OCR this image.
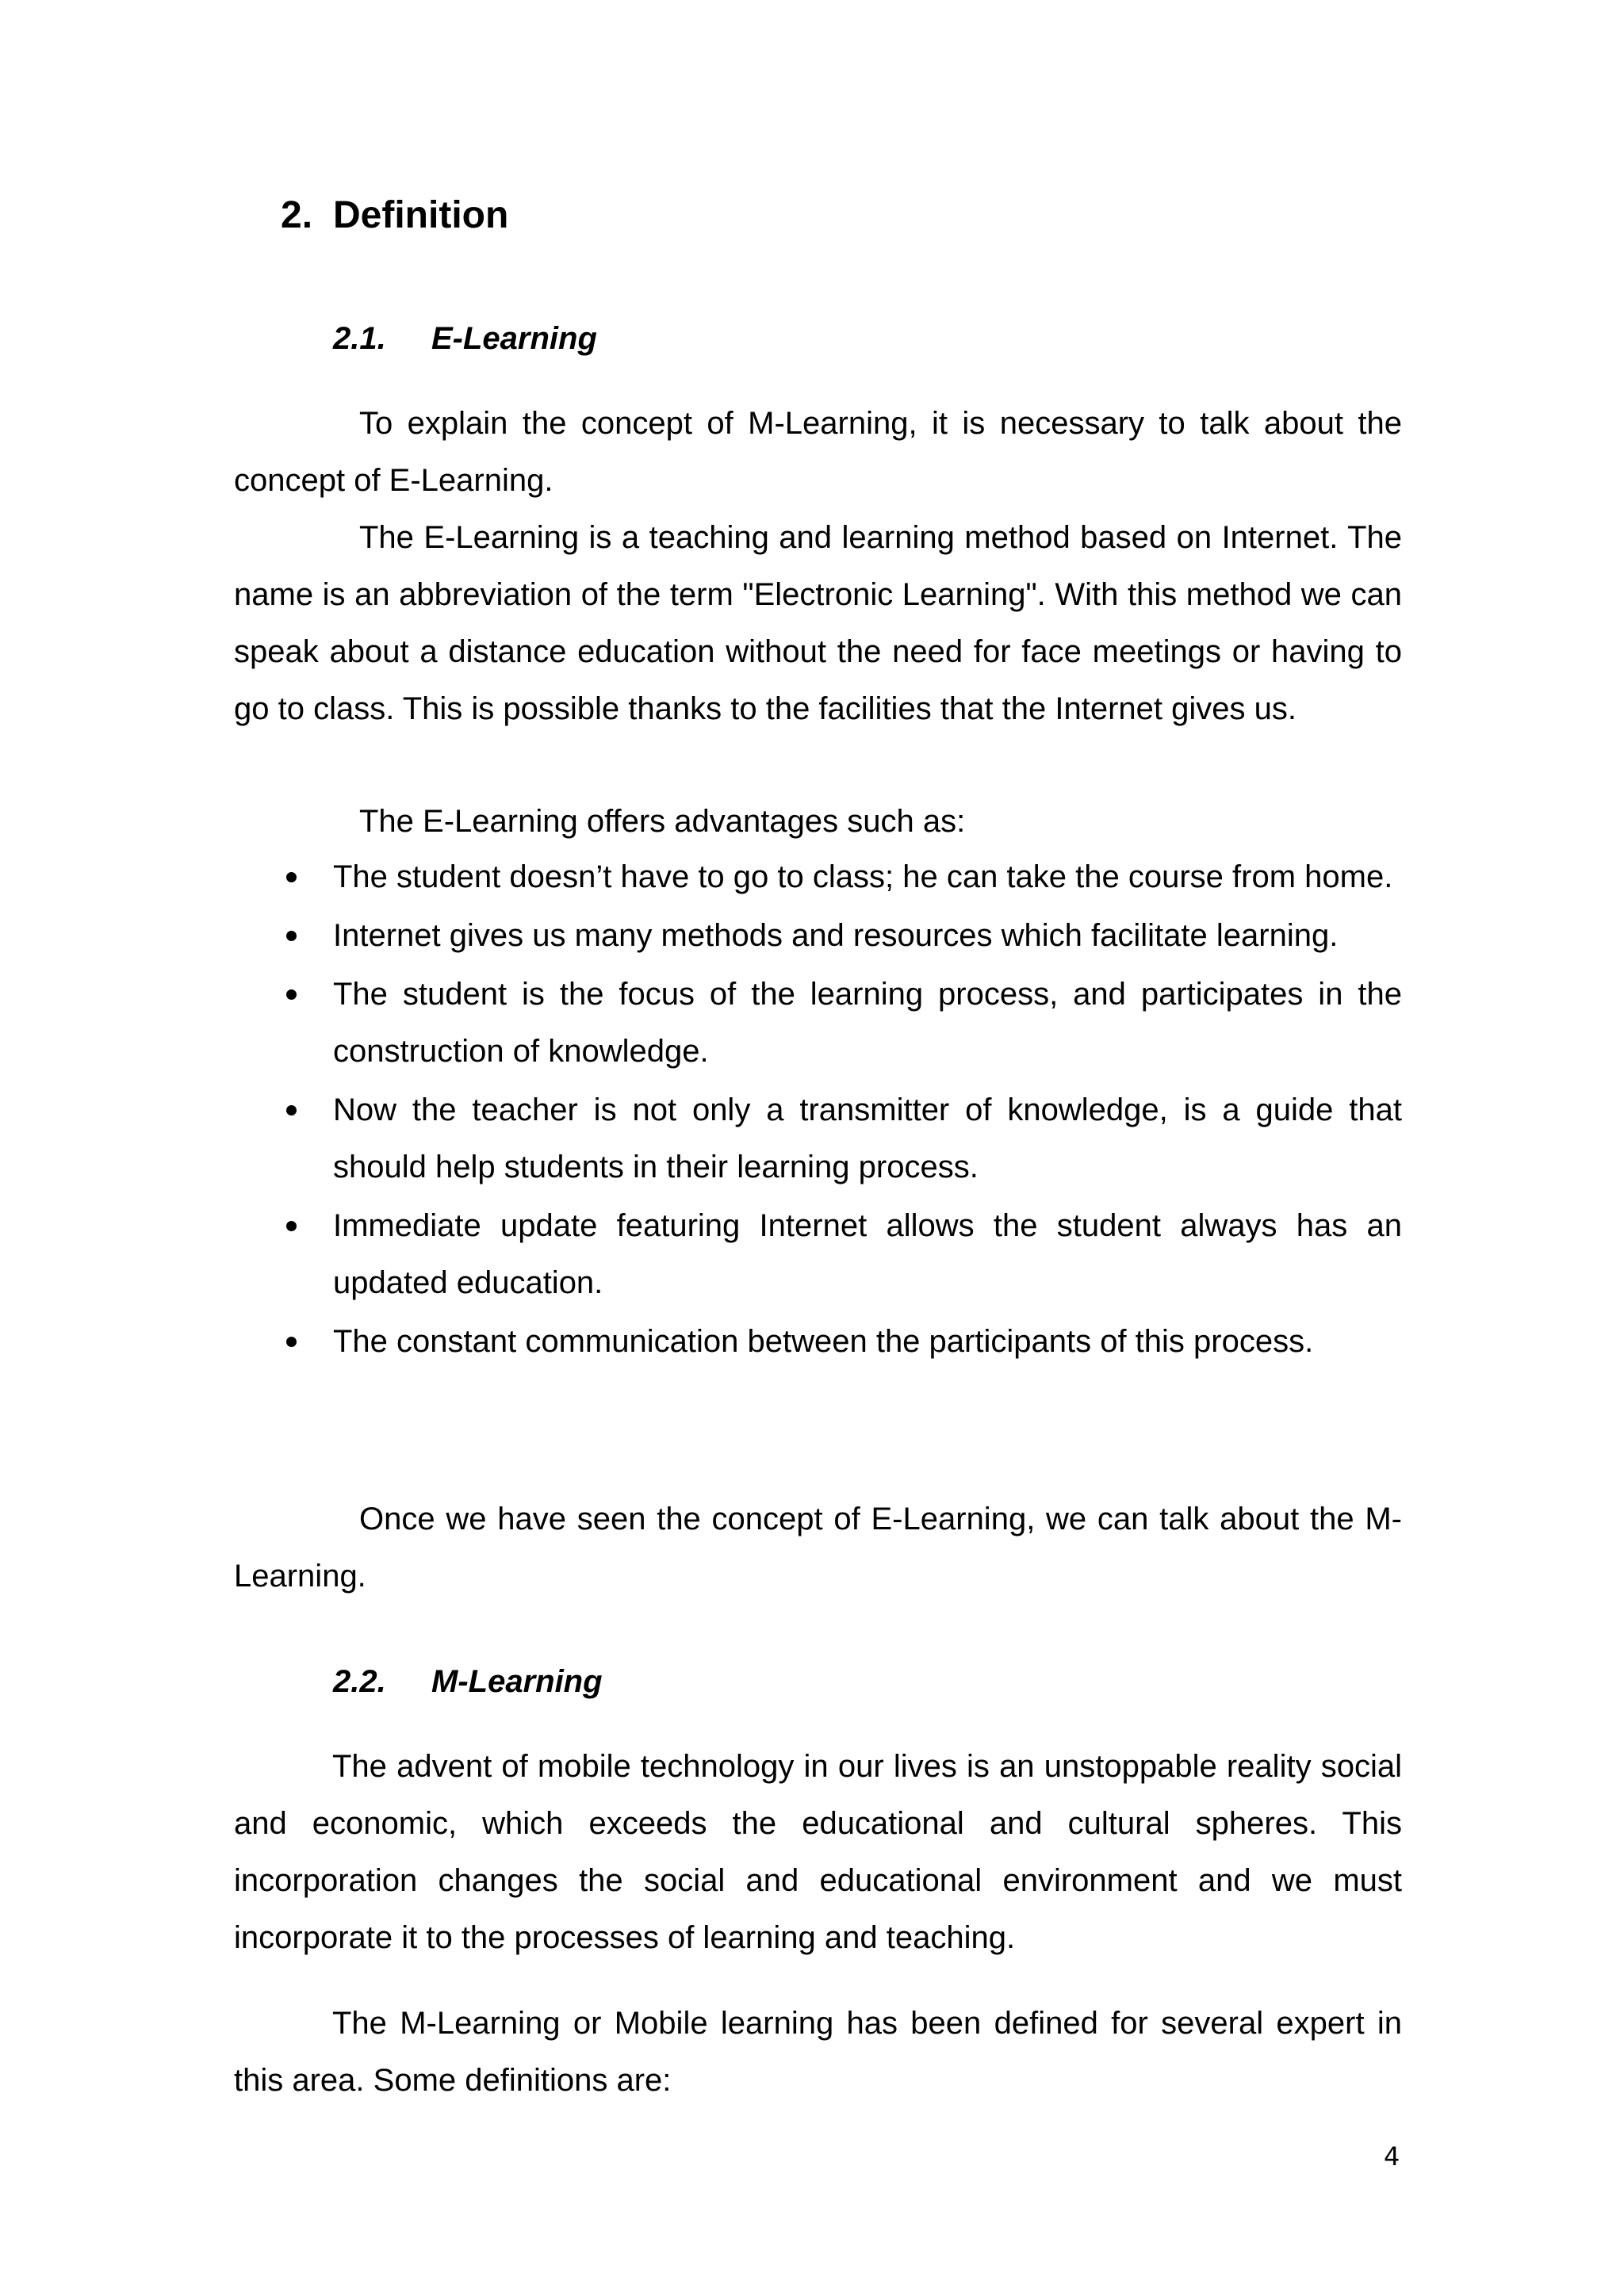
2. Definition
2.1. E-Learning

To explain the concept of M-Learning, it is necessary to talk about the concept of E-Learning.

The E-Learning is a teaching and learning method based on Internet. The name is an abbreviation of the term "Electronic Learning". With this method we can speak about a distance education without the need for face meetings or having to go to class. This is possible thanks to the facilities that the Internet gives us.

The E-Learning offers advantages such as:

The student doesn’t have to go to class; he can take the course from home.
Internet gives us many methods and resources which facilitate learning.
The student is the focus of the learning process, and participates in the construction of knowledge.
Now the teacher is not only a transmitter of knowledge, is a guide that should help students in their learning process.
Immediate update featuring Internet allows the student always has an updated education.
The constant communication between the participants of this process.

Once we have seen the concept of E-Learning, we can talk about the M-Learning.

2.2. M-Learning

The advent of mobile technology in our lives is an unstoppable reality social and economic, which exceeds the educational and cultural spheres. This incorporation changes the social and educational environment and we must incorporate it to the processes of learning and teaching.

The M-Learning or Mobile learning has been defined for several expert in this area. Some definitions are:

4
